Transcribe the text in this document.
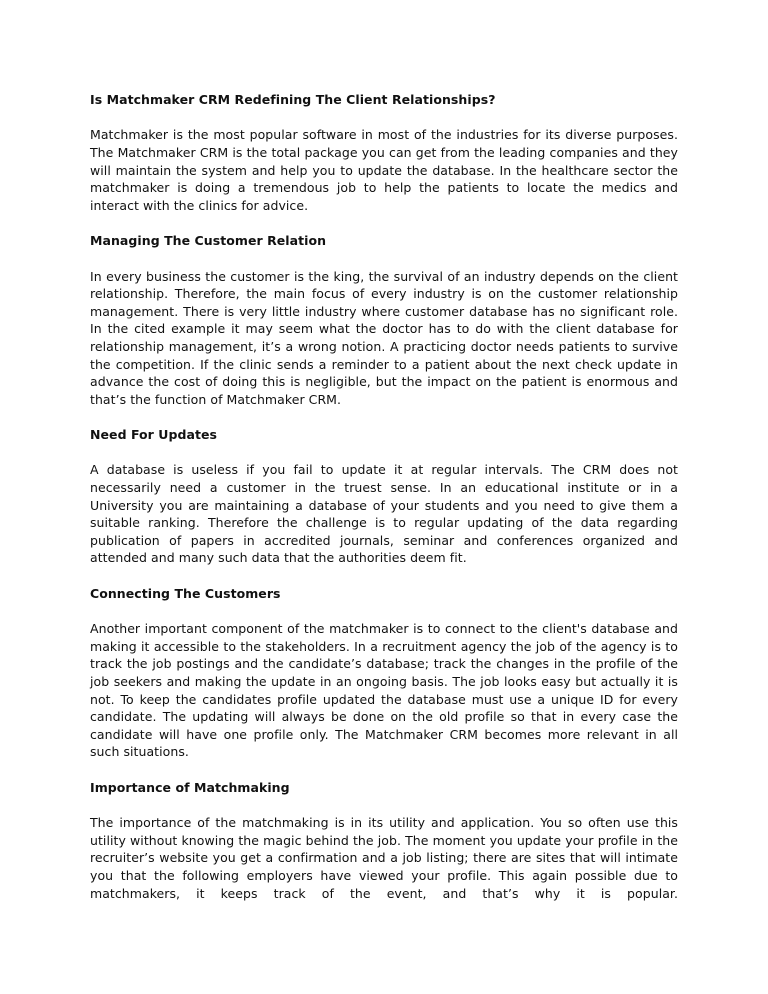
Is Matchmaker CRM Redefining The Client Relationships?

Matchmaker is the most popular software in most of the industries for its diverse purposes. The Matchmaker CRM is the total package you can get from the leading companies and they will maintain the system and help you to update the database. In the healthcare sector the matchmaker is doing a tremendous job to help the patients to locate the medics and interact with the clinics for advice.

Managing The Customer Relation

In every business the customer is the king, the survival of an industry depends on the client relationship. Therefore, the main focus of every industry is on the customer relationship management. There is very little industry where customer database has no significant role. In the cited example it may seem what the doctor has to do with the client database for relationship management, it’s a wrong notion. A practicing doctor needs patients to survive the competition. If the clinic sends a reminder to a patient about the next check update in advance the cost of doing this is negligible, but the impact on the patient is enormous and that’s the function of Matchmaker CRM.

Need For Updates

A database is useless if you fail to update it at regular intervals. The CRM does not necessarily need a customer in the truest sense. In an educational institute or in a University you are maintaining a database of your students and you need to give them a suitable ranking. Therefore the challenge is to regular updating of the data regarding publication of papers in accredited journals, seminar and conferences organized and attended and many such data that the authorities deem fit.

Connecting The Customers

Another important component of the matchmaker is to connect to the client's database and making it accessible to the stakeholders. In a recruitment agency the job of the agency is to track the job postings and the candidate’s database; track the changes in the profile of the job seekers and making the update in an ongoing basis. The job looks easy but actually it is not. To keep the candidates profile updated the database must use a unique ID for every candidate. The updating will always be done on the old profile so that in every case the candidate will have one profile only. The Matchmaker CRM becomes more relevant in all such situations.

Importance of Matchmaking

The importance of the matchmaking is in its utility and application. You so often use this utility without knowing the magic behind the job. The moment you update your profile in the recruiter’s website you get a confirmation and a job listing; there are sites that will intimate you that the following employers have viewed your profile. This again possible due to matchmakers, it keeps track of the event, and that’s why it is popular.
